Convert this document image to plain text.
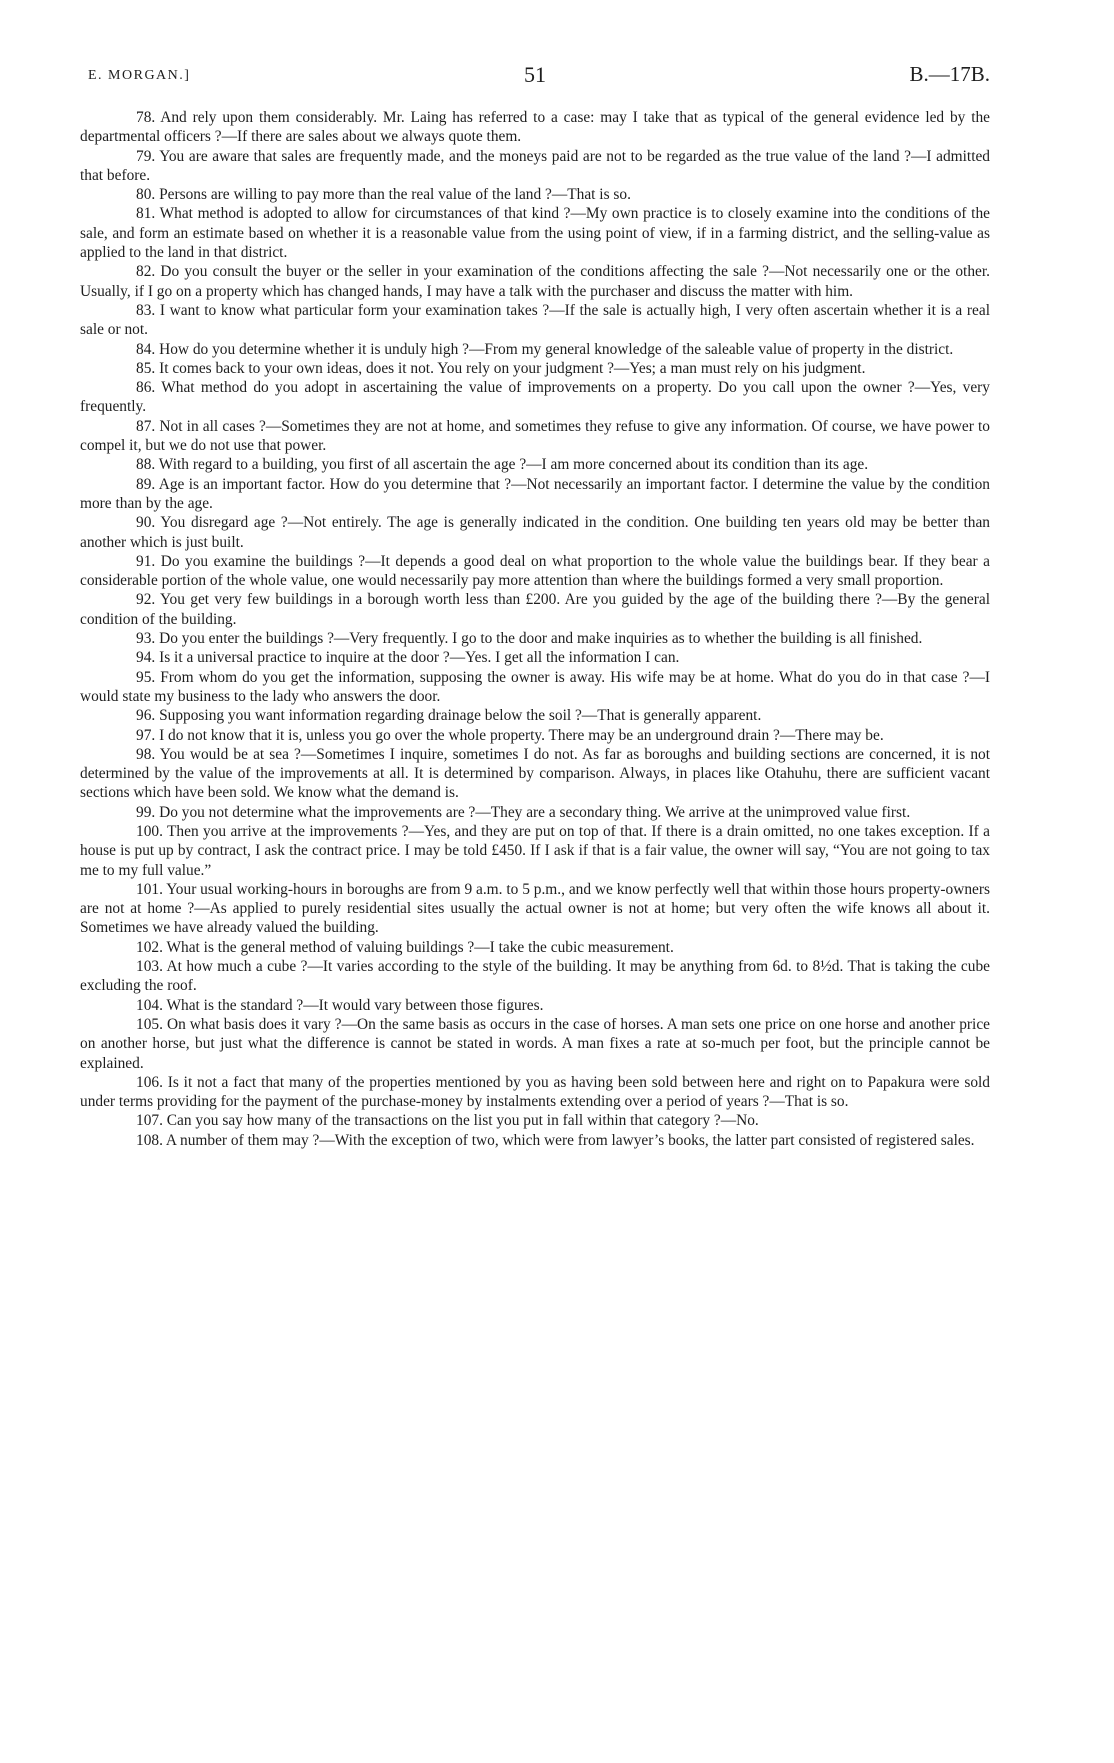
E. MORGAN.]	51	B.—17B.

78. And rely upon them considerably. Mr. Laing has referred to a case: may I take that as typical of the general evidence led by the departmental officers ?—If there are sales about we always quote them.

79. You are aware that sales are frequently made, and the moneys paid are not to be regarded as the true value of the land ?—I admitted that before.

80. Persons are willing to pay more than the real value of the land ?—That is so.

81. What method is adopted to allow for circumstances of that kind ?—My own practice is to closely examine into the conditions of the sale, and form an estimate based on whether it is a reasonable value from the using point of view, if in a farming district, and the selling-value as applied to the land in that district.

82. Do you consult the buyer or the seller in your examination of the conditions affecting the sale ?—Not necessarily one or the other. Usually, if I go on a property which has changed hands, I may have a talk with the purchaser and discuss the matter with him.

83. I want to know what particular form your examination takes ?—If the sale is actually high, I very often ascertain whether it is a real sale or not.

84. How do you determine whether it is unduly high ?—From my general knowledge of the saleable value of property in the district.

85. It comes back to your own ideas, does it not. You rely on your judgment ?—Yes; a man must rely on his judgment.

86. What method do you adopt in ascertaining the value of improvements on a property. Do you call upon the owner ?—Yes, very frequently.

87. Not in all cases ?—Sometimes they are not at home, and sometimes they refuse to give any information. Of course, we have power to compel it, but we do not use that power.

88. With regard to a building, you first of all ascertain the age ?—I am more concerned about its condition than its age.

89. Age is an important factor. How do you determine that ?—Not necessarily an important factor. I determine the value by the condition more than by the age.

90. You disregard age ?—Not entirely. The age is generally indicated in the condition. One building ten years old may be better than another which is just built.

91. Do you examine the buildings ?—It depends a good deal on what proportion to the whole value the buildings bear. If they bear a considerable portion of the whole value, one would necessarily pay more attention than where the buildings formed a very small proportion.

92. You get very few buildings in a borough worth less than £200. Are you guided by the age of the building there ?—By the general condition of the building.

93. Do you enter the buildings ?—Very frequently. I go to the door and make inquiries as to whether the building is all finished.

94. Is it a universal practice to inquire at the door ?—Yes. I get all the information I can.

95. From whom do you get the information, supposing the owner is away. His wife may be at home. What do you do in that case ?—I would state my business to the lady who answers the door.

96. Supposing you want information regarding drainage below the soil ?—That is generally apparent.

97. I do not know that it is, unless you go over the whole property. There may be an underground drain ?—There may be.

98. You would be at sea ?—Sometimes I inquire, sometimes I do not. As far as boroughs and building sections are concerned, it is not determined by the value of the improvements at all. It is determined by comparison. Always, in places like Otahuhu, there are sufficient vacant sections which have been sold. We know what the demand is.

99. Do you not determine what the improvements are ?—They are a secondary thing. We arrive at the unimproved value first.

100. Then you arrive at the improvements ?—Yes, and they are put on top of that. If there is a drain omitted, no one takes exception. If a house is put up by contract, I ask the contract price. I may be told £450. If I ask if that is a fair value, the owner will say, “You are not going to tax me to my full value.”

101. Your usual working-hours in boroughs are from 9 a.m. to 5 p.m., and we know perfectly well that within those hours property-owners are not at home ?—As applied to purely residential sites usually the actual owner is not at home; but very often the wife knows all about it. Sometimes we have already valued the building.

102. What is the general method of valuing buildings ?—I take the cubic measurement.

103. At how much a cube ?—It varies according to the style of the building. It may be anything from 6d. to 8½d. That is taking the cube excluding the roof.

104. What is the standard ?—It would vary between those figures.

105. On what basis does it vary ?—On the same basis as occurs in the case of horses. A man sets one price on one horse and another price on another horse, but just what the difference is cannot be stated in words. A man fixes a rate at so-much per foot, but the principle cannot be explained.

106. Is it not a fact that many of the properties mentioned by you as having been sold between here and right on to Papakura were sold under terms providing for the payment of the purchase-money by instalments extending over a period of years ?—That is so.

107. Can you say how many of the transactions on the list you put in fall within that category ?—No.

108. A number of them may ?—With the exception of two, which were from lawyer’s books, the latter part consisted of registered sales.
